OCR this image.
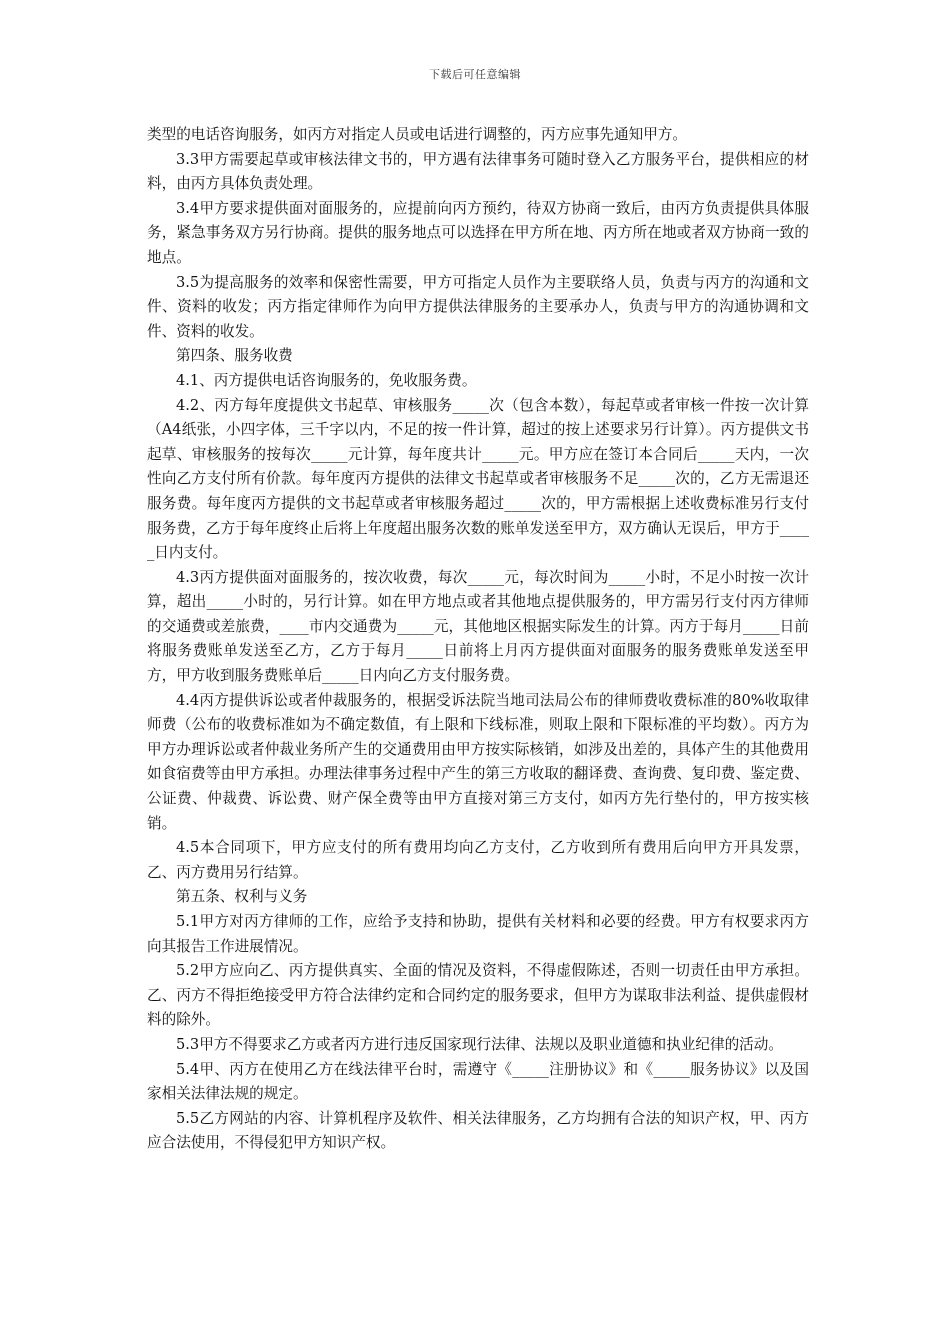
下载后可任意编辑

类型的电话咨询服务，如丙方对指定人员或电话进行调整的，丙方应事先通知甲方。

3.3甲方需要起草或审核法律文书的，甲方遇有法律事务可随时登入乙方服务平台，提供相应的材料，由丙方具体负责处理。

3.4甲方要求提供面对面服务的，应提前向丙方预约，待双方协商一致后，由丙方负责提供具体服务，紧急事务双方另行协商。提供的服务地点可以选择在甲方所在地、丙方所在地或者双方协商一致的地点。

3.5为提高服务的效率和保密性需要，甲方可指定人员作为主要联络人员，负责与丙方的沟通和文件、资料的收发；丙方指定律师作为向甲方提供法律服务的主要承办人，负责与甲方的沟通协调和文件、资料的收发。

第四条、服务收费

4.1、丙方提供电话咨询服务的，免收服务费。

4.2、丙方每年度提供文书起草、审核服务_____次（包含本数），每起草或者审核一件按一次计算（A4纸张，小四字体，三千字以内，不足的按一件计算，超过的按上述要求另行计算）。丙方提供文书起草、审核服务的按每次_____元计算，每年度共计_____元。甲方应在签订本合同后_____天内，一次性向乙方支付所有价款。每年度丙方提供的法律文书起草或者审核服务不足_____次的，乙方无需退还服务费。每年度丙方提供的文书起草或者审核服务超过_____次的，甲方需根据上述收费标准另行支付服务费，乙方于每年度终止后将上年度超出服务次数的账单发送至甲方，双方确认无误后，甲方于_____日内支付。

4.3丙方提供面对面服务的，按次收费，每次_____元，每次时间为_____小时，不足小时按一次计算，超出_____小时的，另行计算。如在甲方地点或者其他地点提供服务的，甲方需另行支付丙方律师的交通费或差旅费，____市内交通费为_____元，其他地区根据实际发生的计算。丙方于每月_____日前将服务费账单发送至乙方，乙方于每月_____日前将上月丙方提供面对面服务的服务费账单发送至甲方，甲方收到服务费账单后_____日内向乙方支付服务费。

4.4丙方提供诉讼或者仲裁服务的，根据受诉法院当地司法局公布的律师费收费标准的80%收取律师费（公布的收费标准如为不确定数值，有上限和下线标准，则取上限和下限标准的平均数）。丙方为甲方办理诉讼或者仲裁业务所产生的交通费用由甲方按实际核销，如涉及出差的，具体产生的其他费用如食宿费等由甲方承担。办理法律事务过程中产生的第三方收取的翻译费、查询费、复印费、鉴定费、公证费、仲裁费、诉讼费、财产保全费等由甲方直接对第三方支付，如丙方先行垫付的，甲方按实核销。

4.5本合同项下，甲方应支付的所有费用均向乙方支付，乙方收到所有费用后向甲方开具发票，乙、丙方费用另行结算。

第五条、权利与义务

5.1甲方对丙方律师的工作，应给予支持和协助，提供有关材料和必要的经费。甲方有权要求丙方向其报告工作进展情况。

5.2甲方应向乙、丙方提供真实、全面的情况及资料，不得虚假陈述，否则一切责任由甲方承担。乙、丙方不得拒绝接受甲方符合法律约定和合同约定的服务要求，但甲方为谋取非法利益、提供虚假材料的除外。

5.3甲方不得要求乙方或者丙方进行违反国家现行法律、法规以及职业道德和执业纪律的活动。

5.4甲、丙方在使用乙方在线法律平台时，需遵守《_____注册协议》和《_____服务协议》以及国家相关法律法规的规定。

5.5乙方网站的内容、计算机程序及软件、相关法律服务，乙方均拥有合法的知识产权，甲、丙方应合法使用，不得侵犯甲方知识产权。
